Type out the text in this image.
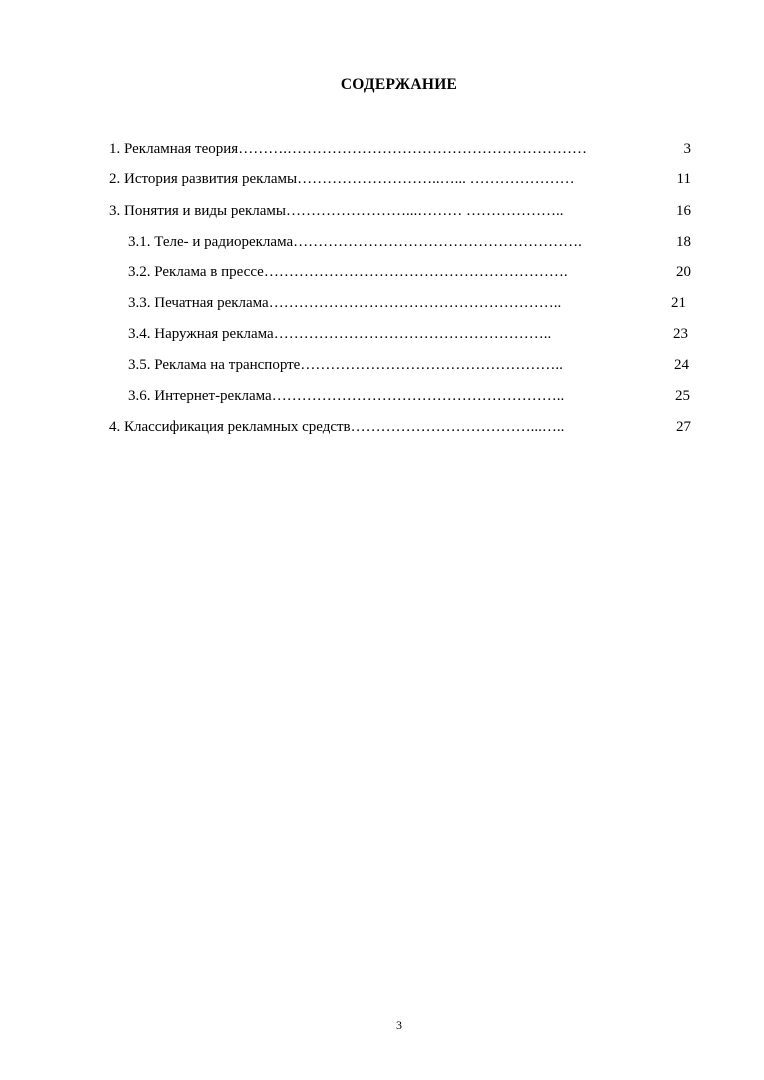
СОДЕРЖАНИЕ
1. Рекламная теория ……….……………………………………………………	3
2. История развития рекламы ………………………..…... …………………	11
3. Понятия и виды рекламы ……………………...……… ………………..	16
3.1. Теле- и радиореклама ………………………………………………….	18
3.2. Реклама в прессе …………………………………………………….	20
3.3. Печатная реклама …………………………………………………..	21
3.4. Наружная реклама ………………………………………………..	23
3.5. Реклама на транспорте ……………………………………………..	24
3.6. Интернет-реклама …………………………………………………..	25
4. Классификация рекламных средств ………………………………...…..	27
3
